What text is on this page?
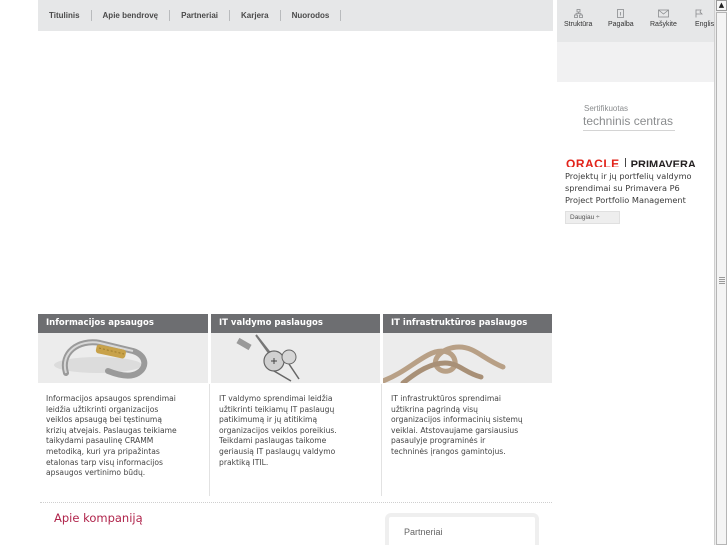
Titulinis	Apie bendrovę	Partneriai	Karjera	Nuorodos
Struktūra Pagalba Rašykite	Englis
▲
Sertifikuotas
techninis centras
ORACLE PRIMAVERA
Projektų ir jų portfelių valdymo
sprendimai su Primavera P6
Project Portfolio Management
Daugiau ÷
Informacijos apsaugos
Informacijos apsaugos sprendimai
leidžia užtikrinti organizacijos
veiklos apsaugą bei tęstinumą
krizių atvejais. Paslaugas teikiame
taikydami pasaulinę CRAMM
metodiką, kuri yra pripažintas
etalonas tarp visų informacijos
apsaugos vertinimo būdų.
IT valdymo paslaugos
IT valdymo sprendimai leidžia
užtikrinti teikiamų IT paslaugų
patikimumą ir jų atitikimą
organizacijos veiklos poreikius.
Teikdami paslaugas taikome
geriausią IT paslaugų valdymo
praktiką ITIL.
IT infrastruktūros paslaugos
IT infrastruktūros sprendimai
užtikrina pagrindą visų
organizacijos informacinių sistemų
veiklai. Atstovaujame garsiausius
pasaulyje programinės ir
techninės įrangos gamintojus.
Apie kompaniją
Partneriai
